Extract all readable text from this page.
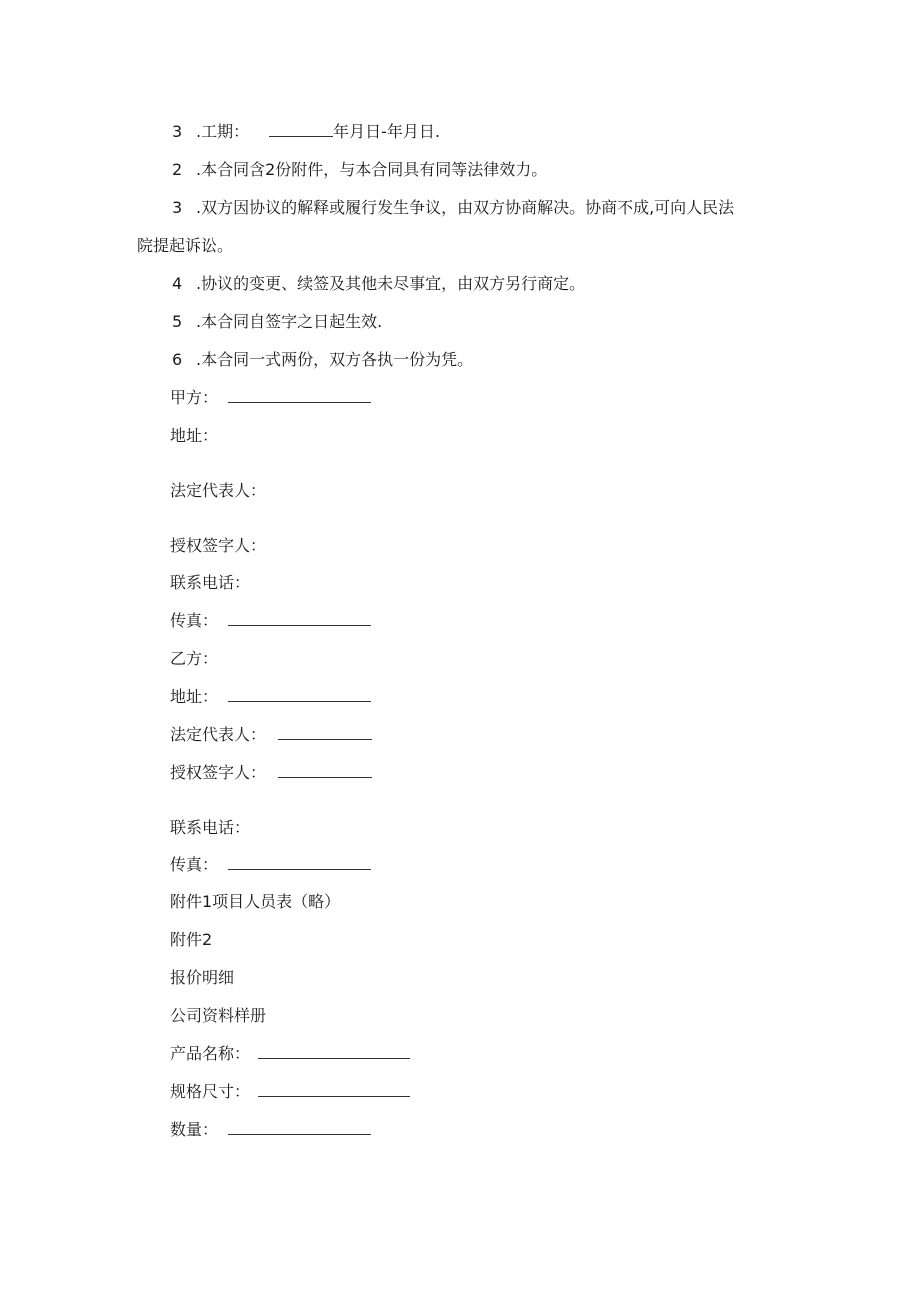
3 .工期：	年月日-年月日.
2 .本合同含2份附件，与本合同具有同等法律效力。
3 .双方因协议的解释或履行发生争议，由双方协商解决。协商不成,可向人民法
院提起诉讼。
4 .协议的变更、续签及其他未尽事宜，由双方另行商定。
5 .本合同自签字之日起生效.
6 .本合同一式两份，双方各执一份为凭。
甲方：
地址：
法定代表人：
授权签字人：
联系电话：
传真：
乙方：
地址：
法定代表人：
授权签字人：
联系电话：
传真：
附件1项目人员表（略）
附件2
报价明细
公司资料样册
产品名称：
规格尺寸：
数量：
